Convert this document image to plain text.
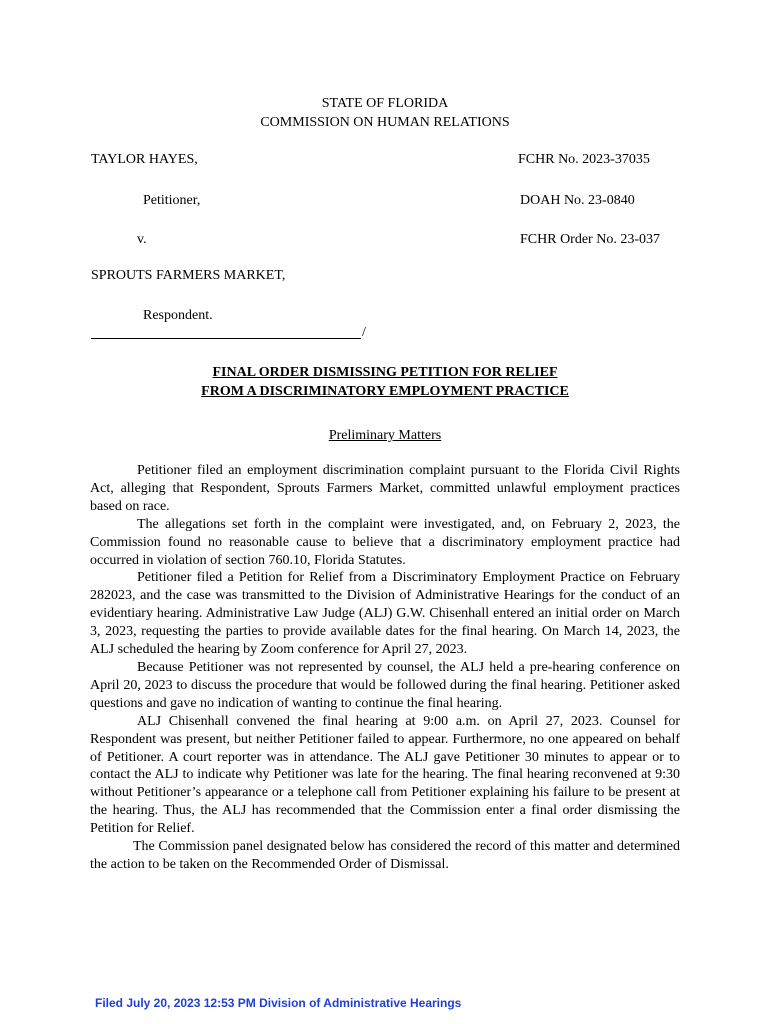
STATE OF FLORIDA
COMMISSION ON HUMAN RELATIONS
TAYLOR HAYES,	FCHR No. 2023-37035
Petitioner,	DOAH No. 23-0840
v.	FCHR Order No. 23-037
SPROUTS FARMERS MARKET,
Respondent.
/
FINAL ORDER DISMISSING PETITION FOR RELIEF
FROM A DISCRIMINATORY EMPLOYMENT PRACTICE
Preliminary Matters

Petitioner filed an employment discrimination complaint pursuant to the Florida Civil Rights Act, alleging that Respondent, Sprouts Farmers Market, committed unlawful employment practices based on race.

The allegations set forth in the complaint were investigated, and, on February 2, 2023, the Commission found no reasonable cause to believe that a discriminatory employment practice had occurred in violation of section 760.10, Florida Statutes.

Petitioner filed a Petition for Relief from a Discriminatory Employment Practice on February 282023, and the case was transmitted to the Division of Administrative Hearings for the conduct of an evidentiary hearing. Administrative Law Judge (ALJ) G.W. Chisenhall entered an initial order on March 3, 2023, requesting the parties to provide available dates for the final hearing. On March 14, 2023, the ALJ scheduled the hearing by Zoom conference for April 27, 2023.

Because Petitioner was not represented by counsel, the ALJ held a pre-hearing conference on April 20, 2023 to discuss the procedure that would be followed during the final hearing. Petitioner asked questions and gave no indication of wanting to continue the final hearing.

ALJ Chisenhall convened the final hearing at 9:00 a.m. on April 27, 2023. Counsel for Respondent was present, but neither Petitioner failed to appear. Furthermore, no one appeared on behalf of Petitioner. A court reporter was in attendance. The ALJ gave Petitioner 30 minutes to appear or to contact the ALJ to indicate why Petitioner was late for the hearing. The final hearing reconvened at 9:30 without Petitioner’s appearance or a telephone call from Petitioner explaining his failure to be present at the hearing. Thus, the ALJ has recommended that the Commission enter a final order dismissing the Petition for Relief.

The Commission panel designated below has considered the record of this matter and determined the action to be taken on the Recommended Order of Dismissal.

Filed July 20, 2023 12:53 PM Division of Administrative Hearings
